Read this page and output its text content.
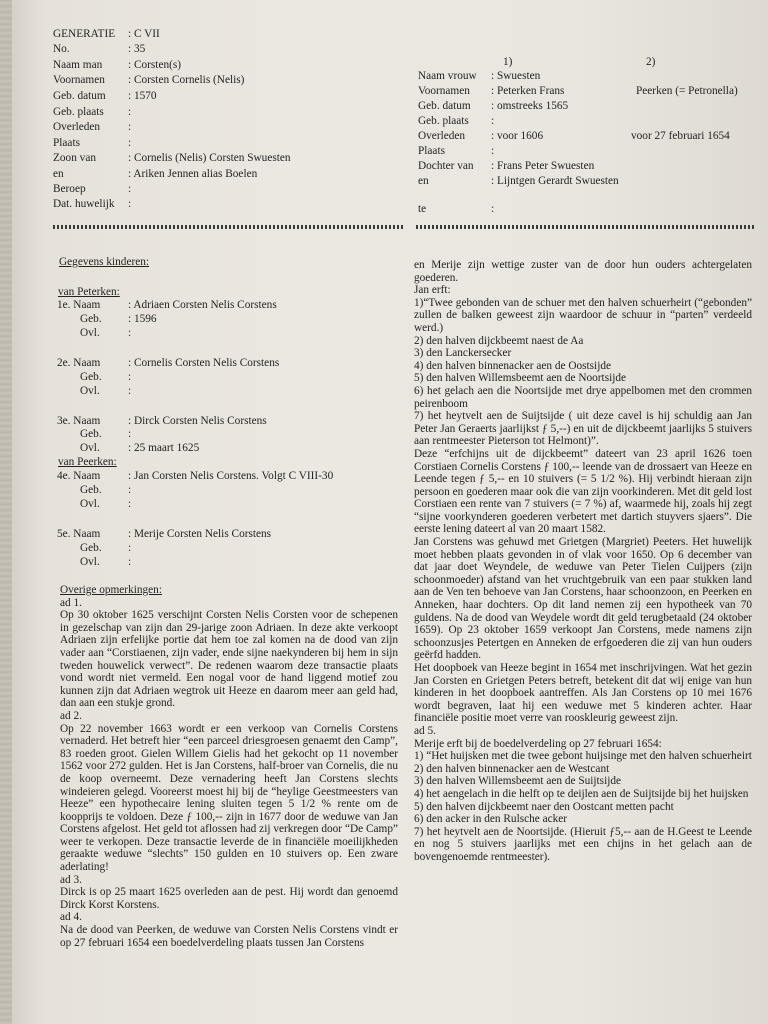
GENERATIE : C VII
No.	: 35
Naam man : Corsten(s)
Voornamen : Corsten Cornelis (Nelis)
Geb. datum : 1570
Geb. plaats :
Overleden :
Plaats	:
Zoon van	: Cornelis (Nelis) Corsten Swuesten
en	: Ariken Jennen alias Boelen
Beroep	:
Dat. huwelijk :
1)	2)
Naam vrouw : Swuesten
Voornamen : Peterken Frans	Peerken (= Petronella)
Geb. datum : omstreeks 1565
Geb. plaats :
Overleden : voor 1606	voor 27 februari 1654
Plaats	:
Dochter van : Frans Peter Swuesten
en	: Lijntgen Gerardt Swuesten
te	:
Gegevens kinderen:
van Peterken:
1e. Naam : Adriaen Corsten Nelis Corstens
Geb. : 1596
Ovl. :
2e. Naam : Cornelis Corsten Nelis Corstens
Geb. :
Ovl. :
3e. Naam : Dirck Corsten Nelis Corstens
Geb. :
Ovl. : 25 maart 1625
van Peerken:
4e. Naam : Jan Corsten Nelis Corstens. Volgt C VIII-30
Geb. :
Ovl. :
5e. Naam : Merije Corsten Nelis Corstens
Geb. :
Ovl. :
Overige opmerkingen:
ad 1.
Op 30 oktober 1625 verschijnt Corsten Nelis Corsten voor de schepenen in gezelschap van zijn dan 29-jarige zoon Adriaen. In deze akte verkoopt Adriaen zijn erfelijke portie dat hem toe zal komen na de dood van zijn vader aan “Corstiaenen, zijn vader, ende sijne naekynderen bij hem in sijn tweden houwelick verwect”. De redenen waarom deze transactie plaats vond wordt niet vermeld. Een nogal voor de hand liggend motief zou kunnen zijn dat Adriaen wegtrok uit Heeze en daarom meer aan geld had, dan aan een stukje grond.
ad 2.
Op 22 november 1663 wordt er een verkoop van Cornelis Corstens vernaderd. Het betreft hier “een parceel driesgroesen genaemt den Camp”, 83 roeden groot. Gielen Willem Gielis had het gekocht op 11 november 1562 voor 272 gulden. Het is Jan Corstens, half-broer van Cornelis, die nu de koop overneemt. Deze vernadering heeft Jan Corstens slechts windeieren gelegd. Vooreerst moest hij bij de “heylige Geestmeesters van Heeze” een hypothecaire lening sluiten tegen 5 1/2 % rente om de koopprijs te voldoen. Deze ƒ 100,-- zijn in 1677 door de weduwe van Jan Corstens afgelost. Het geld tot aflossen had zij verkregen door “De Camp” weer te verkopen. Deze transactie leverde de in financiële moeilijkheden geraakte weduwe “slechts” 150 gulden en 10 stuivers op. Een zware aderlating!
ad 3.
Dirck is op 25 maart 1625 overleden aan de pest. Hij wordt dan genoemd Dirck Korst Korstens.
ad 4.
Na de dood van Peerken, de weduwe van Corsten Nelis Corstens vindt er op 27 februari 1654 een boedelverdeling plaats tussen Jan Corstens
en Merije zijn wettige zuster van de door hun ouders achtergelaten goederen.
Jan erft:
1)“Twee gebonden van de schuer met den halven schuerheirt (“gebonden” zullen de balken geweest zijn waardoor de schuur in “parten” verdeeld werd.)
2) den halven dijckbeemt naest de Aa
3) den Lanckersecker
4) den halven binnenacker aen de Oostsijde
5) den halven Willemsbeemt aen de Noortsijde
6) het gelach aen die Noortsijde met drye appelbomen met den crommen peirenboom
7) het heytvelt aen de Suijtsijde ( uit deze cavel is hij schuldig aan Jan Peter Jan Geraerts jaarlijkst ƒ 5,--) en uit de dijckbeemt jaarlijks 5 stuivers aan rentmeester Pieterson tot Helmont)”.
Deze “erfchijns uit de dijckbeemt” dateert van 23 april 1626 toen Corstiaen Cornelis Corstens ƒ 100,-- leende van de drossaert van Heeze en Leende tegen ƒ 5,-- en 10 stuivers (= 5 1/2 %). Hij verbindt hieraan zijn persoon en goederen maar ook die van zijn voorkinderen. Met dit geld lost Corstiaen een rente van 7 stuivers (= 7 %) af, waarmede hij, zoals hij zegt “sijne voorkynderen goederen verbetert met dartich stuyvers sjaers”. Die eerste lening dateert al van 20 maart 1582.
Jan Corstens was gehuwd met Grietgen (Margriet) Peeters. Het huwelijk moet hebben plaats gevonden in of vlak voor 1650. Op 6 december van dat jaar doet Weyndele, de weduwe van Peter Tielen Cuijpers (zijn schoonmoeder) afstand van het vruchtgebruik van een paar stukken land aan de Ven ten behoeve van Jan Corstens, haar schoonzoon, en Peerken en Anneken, haar dochters. Op dit land nemen zij een hypotheek van 70 guldens. Na de dood van Weydele wordt dit geld terugbetaald (24 oktober 1659). Op 23 oktober 1659 verkoopt Jan Corstens, mede namens zijn schoonzusjes Petertgen en Anneken de erfgoederen die zij van hun ouders geërfd hadden.
Het doopboek van Heeze begint in 1654 met inschrijvingen. Wat het gezin Jan Corsten en Grietgen Peters betreft, betekent dit dat wij enige van hun kinderen in het doopboek aantreffen. Als Jan Corstens op 10 mei 1676 wordt begraven, laat hij een weduwe met 5 kinderen achter. Haar financiële positie moet verre van rooskleurig geweest zijn.
ad 5.
Merije erft bij de boedelverdeling op 27 februari 1654:
1) “Het huijsken met die twee gebont huijsinge met den halven schuerheirt
2) den halven binnenacker aen de Westcant
3) den halven Willemsbeemt aen de Suijtsijde
4) het aengelach in die helft op te deijlen aen de Suijtsijde bij het huijsken
5) den halven dijckbeemt naer den Oostcant metten pacht
6) den acker in den Rulsche acker
7) het heytvelt aen de Noortsijde. (Hieruit ƒ5,-- aan de H.Geest te Leende en nog 5 stuivers jaarlijks met een chijns in het gelach aan de bovengenoemde rentmeester).
